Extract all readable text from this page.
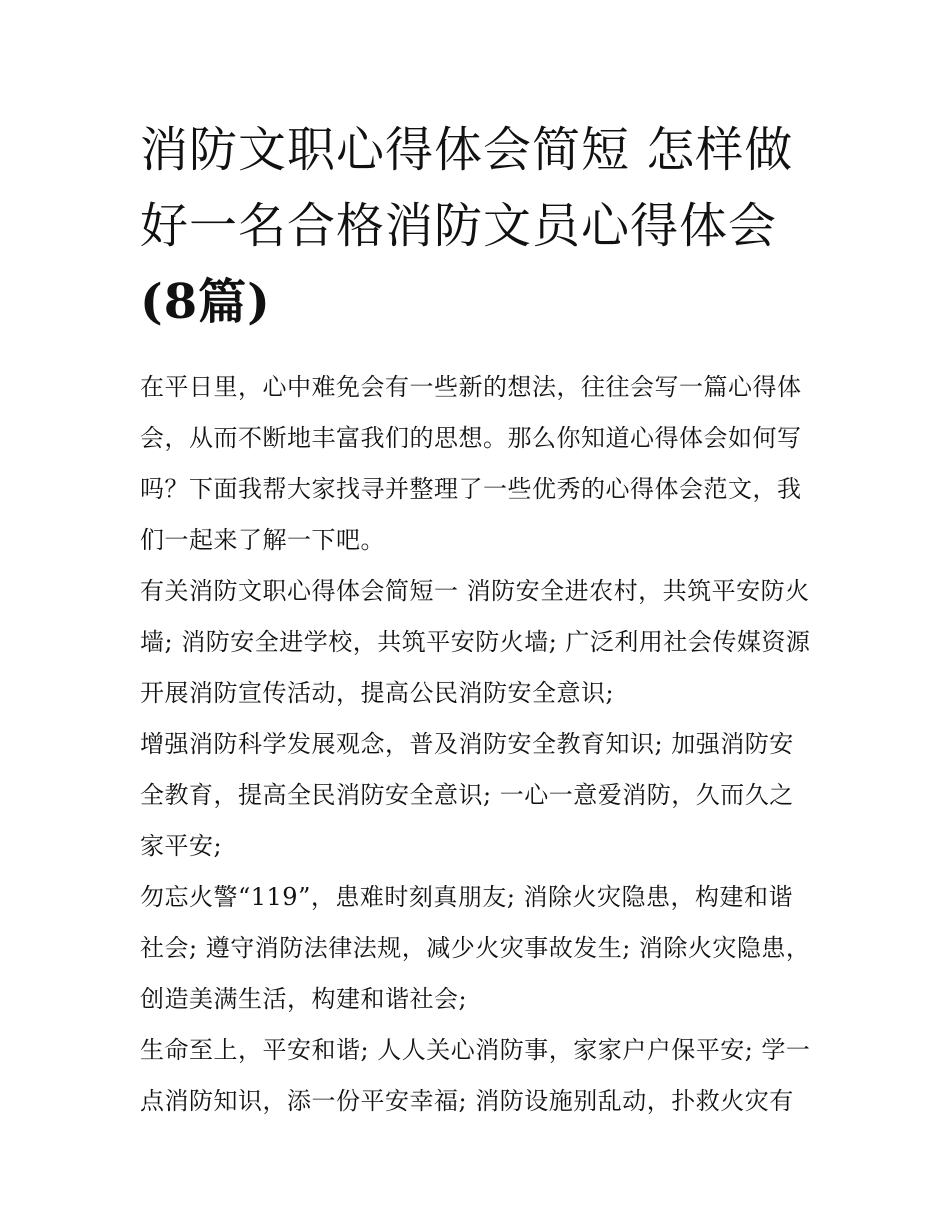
消防文职心得体会简短 怎样做好一名合格消防文员心得体会
(8篇)

在平日里，心中难免会有一些新的想法，往往会写一篇心得体会，从而不断地丰富我们的思想。那么你知道心得体会如何写吗？下面我帮大家找寻并整理了一些优秀的心得体会范文，我们一起来了解一下吧。

有关消防文职心得体会简短一 消防安全进农村，共筑平安防火墙; 消防安全进学校，共筑平安防火墙; 广泛利用社会传媒资源开展消防宣传活动，提高公民消防安全意识;

增强消防科学发展观念，普及消防安全教育知识; 加强消防安全教育，提高全民消防安全意识; 一心一意爱消防，久而久之家平安;

勿忘火警“119”，患难时刻真朋友; 消除火灾隐患，构建和谐社会; 遵守消防法律法规，减少火灾事故发生; 消除火灾隐患，创造美满生活，构建和谐社会;

生命至上，平安和谐; 人人关心消防事，家家户户保平安; 学一点消防知识，添一份平安幸福; 消防设施别乱动，扑救火灾有
